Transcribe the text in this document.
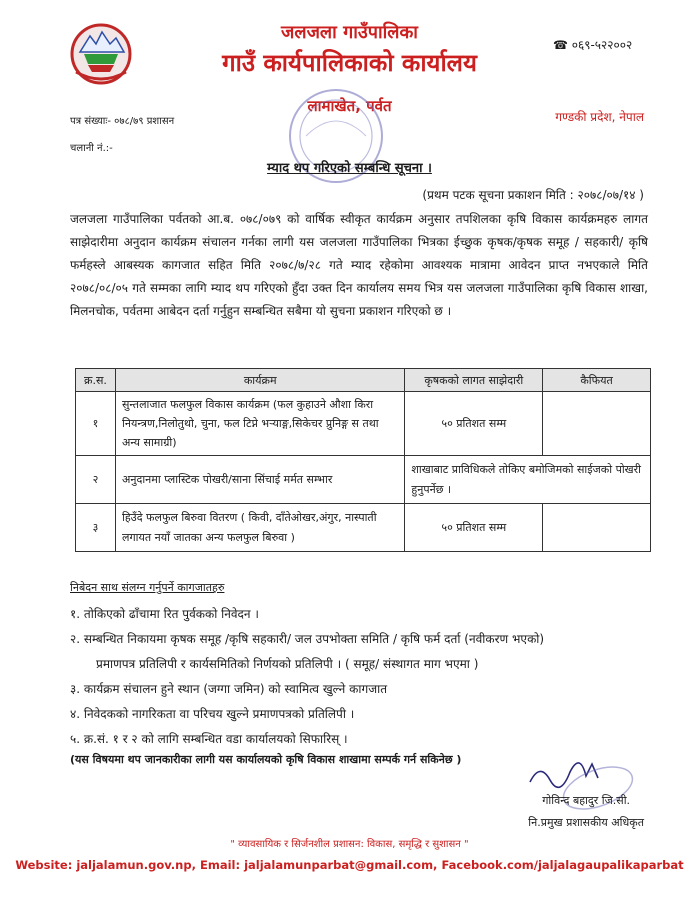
जलजला गाउँपालिका
गाउँ कार्यपालिकाको कार्यालय
लामाखेत, पर्वत
☎ ०६९-५२२००२
गण्डकी प्रदेश, नेपाल
पत्र संख्याः- ०७८/७९ प्रशासन
चलानी नं.:-
म्याद थप गरिएको सम्बन्धि सूचना ।
(प्रथम पटक सूचना प्रकाशन मिति : २०७८/०७/१४ )
जलजला गाउँपालिका पर्वतको आ.ब. ०७८/०७९ को वार्षिक स्वीकृत कार्यक्रम अनुसार तपशिलका कृषि विकास कार्यक्रमहरु लागत साझेदारीमा अनुदान कार्यक्रम संचालन गर्नका लागी यस जलजला गाउँपालिका भित्रका ईच्छुक कृषक/कृषक समूह / सहकारी/ कृषि फर्महस्ले आबस्यक कागजात सहित मिति २०७८/७/२८ गते म्याद रहेकोमा आवश्यक मात्रामा आवेदन प्राप्त नभएकाले मिति २०७८/०८/०५ गते सम्मका लागि म्याद थप गरिएको हुँदा उक्त दिन कार्यालय समय भित्र यस जलजला गाउँपालिका कृषि विकास शाखा, मिलनचोक, पर्वतमा आबेदन दर्ता गर्नुहुन सम्बन्धित सबैमा यो सुचना प्रकाशन गरिएको छ ।
क्र.स.	कार्यक्रम	कृषकको लागत साझेदारी	कैफियत
१	सुन्तलाजात फलफुल विकास कार्यक्रम (फल कुहाउने औशा किरा नियन्त्रण,निलोतुथो, चुना, फल टिप्ने भऱ्याङ्ग,सिकेचर प्रुनिङ्ग स तथा अन्य सामाग्री)	५० प्रतिशत सम्म	
२	अनुदानमा प्लास्टिक पोखरी/साना सिंचाई मर्मत सम्भार	शाखाबाट प्राविधिकले तोकिए बमोजिमको साईजको पोखरी हुनुपर्नेछ ।	
३	हिउँदे फलफुल बिरुवा वितरण ( किवी, दाँतेओखर,अंगुर, नास्पाती लगायत नयाँ जातका अन्य फलफुल बिरुवा )	५० प्रतिशत सम्म	
निबेदन साथ संलग्न गर्नुपर्ने कागजातहरु
१. तोकिएको ढाँचामा रित पुर्वकको निवेदन ।
२. सम्बन्धित निकायमा कृषक समूह /कृषि सहकारी/ जल उपभोक्ता समिति / कृषि फर्म दर्ता (नवीकरण भएको)
प्रमाणपत्र प्रतिलिपी र कार्यसमितिको निर्णयको प्रतिलिपी । ( समूह/ संस्थागत माग भएमा )
३. कार्यक्रम संचालन हुने स्थान (जग्गा जमिन) को स्वामित्व खुल्ने कागजात
४. निवेदकको नागरिकता वा परिचय खुल्ने प्रमाणपत्रको प्रतिलिपी ।
५. क्र.सं. १ र २ को लागि सम्बन्धित वडा कार्यालयको सिफारिस् ।
(यस विषयमा थप जानकारीका लागी यस कार्यालयको कृषि विकास शाखामा सम्पर्क गर्न सकिनेछ )
गोविन्द बहादुर जि.सी.
नि.प्रमुख प्रशासकीय अधिकृत
" व्यावसायिक र सिर्जनशील प्रशासन: विकास, समृद्धि र सुशासन "
Website: jaljalamun.gov.np, Email: jaljalamunparbat@gmail.com, Facebook.com/jaljalagaupalikaparbat
